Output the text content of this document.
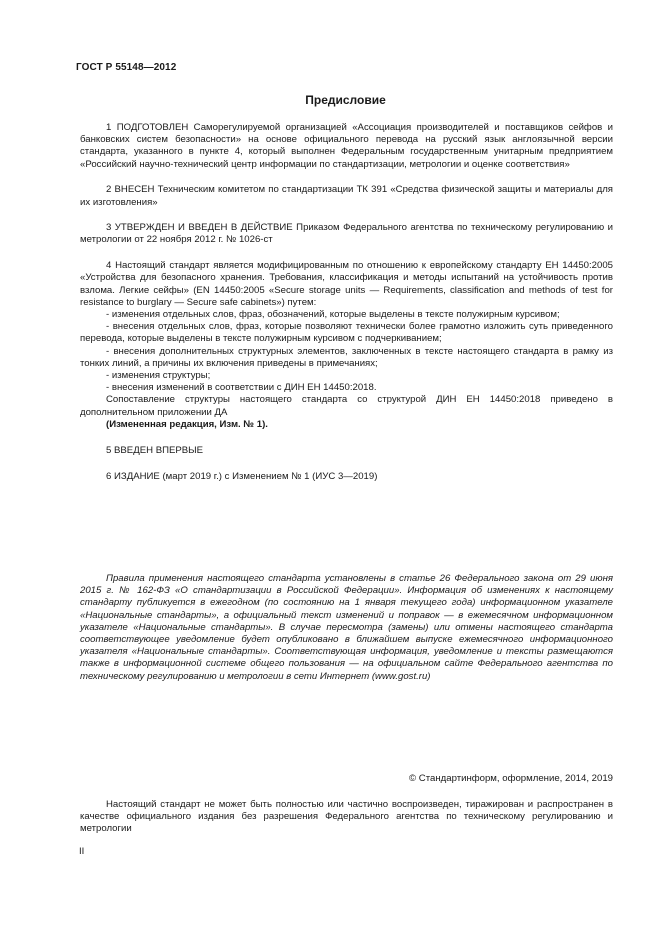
ГОСТ Р 55148—2012
Предисловие

1 ПОДГОТОВЛЕН Саморегулируемой организацией «Ассоциация производителей и поставщиков сейфов и банковских систем безопасности» на основе официального перевода на русский язык англоязычной версии стандарта, указанного в пункте 4, который выполнен Федеральным государственным унитарным предприятием «Российский научно-технический центр информации по стандартизации, метрологии и оценке соответствия»

2 ВНЕСЕН Техническим комитетом по стандартизации ТК 391 «Средства физической защиты и материалы для их изготовления»

3 УТВЕРЖДЕН И ВВЕДЕН В ДЕЙСТВИЕ Приказом Федерального агентства по техническому регулированию и метрологии от 22 ноября 2012 г. № 1026-ст

4 Настоящий стандарт является модифицированным по отношению к европейскому стандарту ЕН 14450:2005 «Устройства для безопасного хранения. Требования, классификация и методы испытаний на устойчивость против взлома. Легкие сейфы» (EN 14450:2005 «Secure storage units — Requirements, classification and methods of test for resistance to burglary — Secure safe cabinets») путем:

- изменения отдельных слов, фраз, обозначений, которые выделены в тексте полужирным курсивом;

- внесения отдельных слов, фраз, которые позволяют технически более грамотно изложить суть приведенного перевода, которые выделены в тексте полужирным курсивом с подчеркиванием;

- внесения дополнительных структурных элементов, заключенных в тексте настоящего стандарта в рамку из тонких линий, а причины их включения приведены в примечаниях;

- изменения структуры;

- внесения изменений в соответствии с ДИН ЕН 14450:2018.

Сопоставление структуры настоящего стандарта со структурой ДИН ЕН 14450:2018 приведено в дополнительном приложении ДА

(Измененная редакция, Изм. № 1).

5 ВВЕДЕН ВПЕРВЫЕ

6 ИЗДАНИЕ (март 2019 г.) с Изменением № 1 (ИУС 3—2019)

Правила применения настоящего стандарта установлены в статье 26 Федерального закона от 29 июня 2015 г. № 162-ФЗ «О стандартизации в Российской Федерации». Информация об изменениях к настоящему стандарту публикуется в ежегодном (по состоянию на 1 января текущего года) информационном указателе «Национальные стандарты», а официальный текст изменений и поправок — в ежемесячном информационном указателе «Национальные стандарты». В случае пересмотра (замены) или отмены настоящего стандарта соответствующее уведомление будет опубликовано в ближайшем выпуске ежемесячного информационного указателя «Национальные стандарты». Соответствующая информация, уведомление и тексты размещаются также в информационной системе общего пользования — на официальном сайте Федерального агентства по техническому регулированию и метрологии в сети Интернет (www.gost.ru)

© Стандартинформ, оформление, 2014, 2019

Настоящий стандарт не может быть полностью или частично воспроизведен, тиражирован и распространен в качестве официального издания без разрешения Федерального агентства по техническому регулированию и метрологии

II
